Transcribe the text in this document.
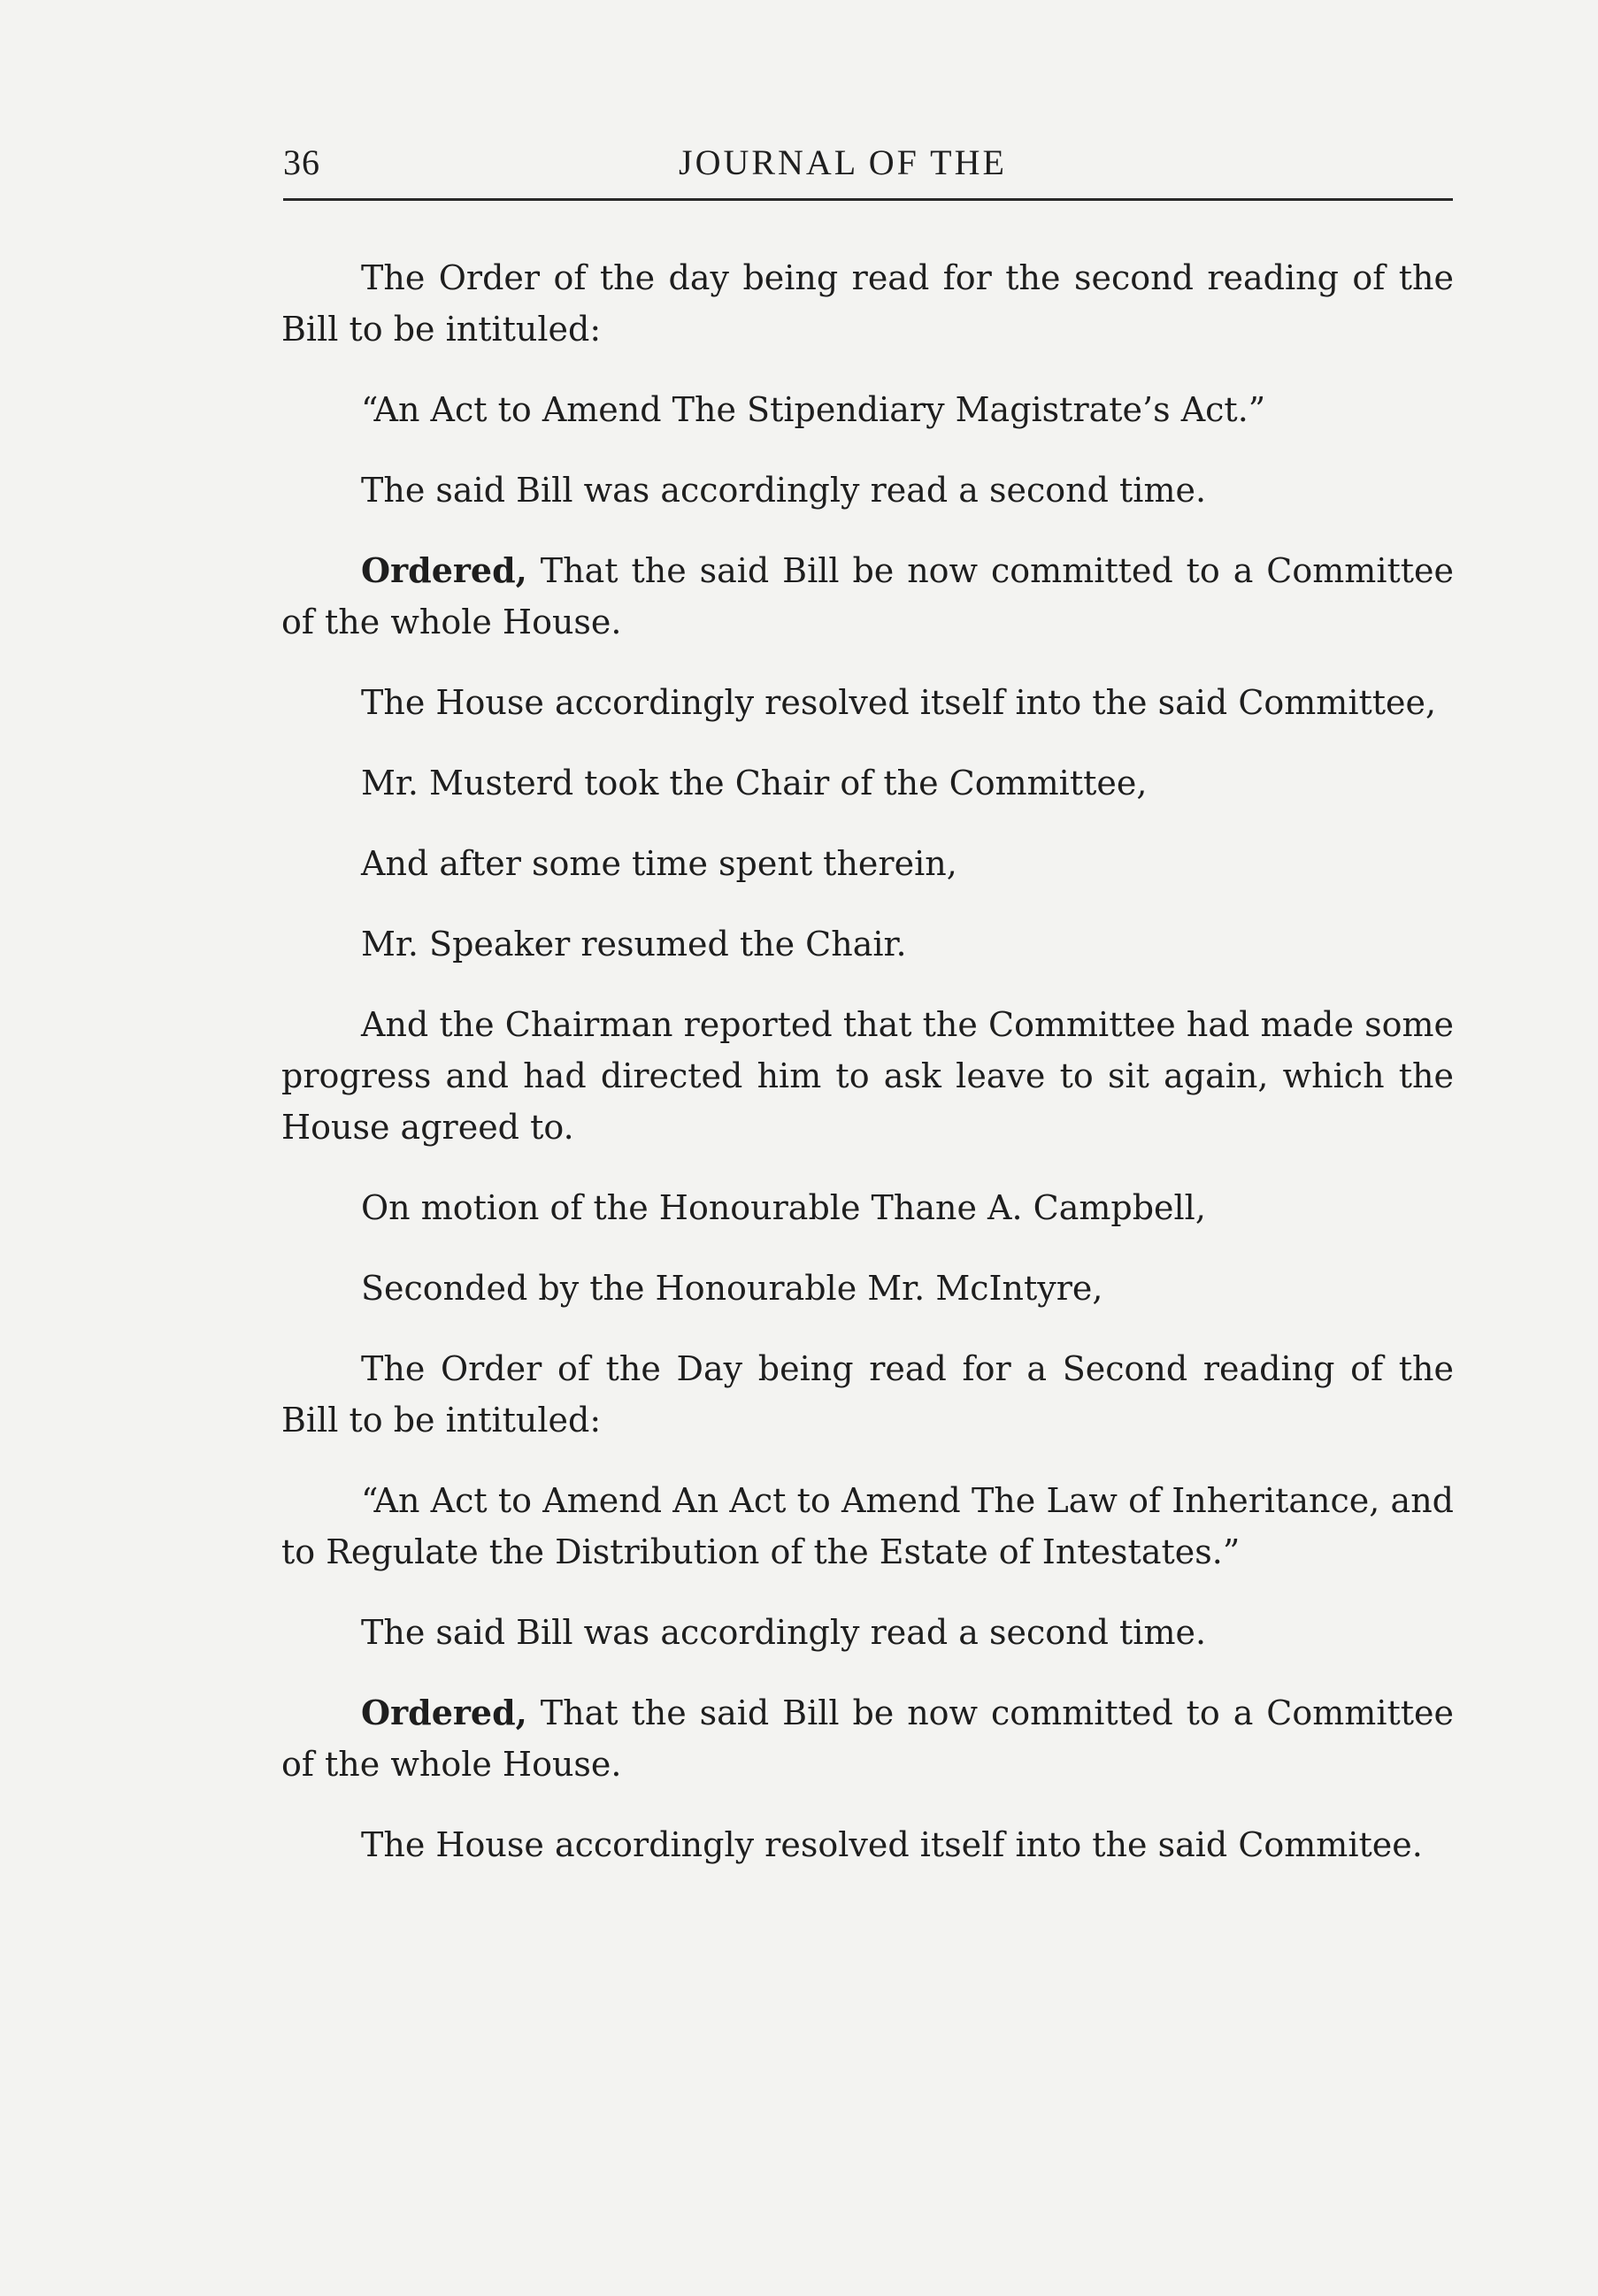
36	JOURNAL OF THE

The Order of the day being read for the second reading of the Bill to be intituled:

“An Act to Amend The Stipendiary Magistrate’s Act.”

The said Bill was accordingly read a second time.

Ordered, That the said Bill be now committed to a Committee of the whole House.

The House accordingly resolved itself into the said Committee,

Mr. Musterd took the Chair of the Committee,

And after some time spent therein,

Mr. Speaker resumed the Chair.

And the Chairman reported that the Committee had made some progress and had directed him to ask leave to sit again, which the House agreed to.

On motion of the Honourable Thane A. Campbell,

Seconded by the Honourable Mr. McIntyre,

The Order of the Day being read for a Second reading of the Bill to be intituled:

“An Act to Amend An Act to Amend The Law of Inheritance, and to Regulate the Distribution of the Estate of Intestates.”

The said Bill was accordingly read a second time.

Ordered, That the said Bill be now committed to a Committee of the whole House.

The House accordingly resolved itself into the said Commitee.
